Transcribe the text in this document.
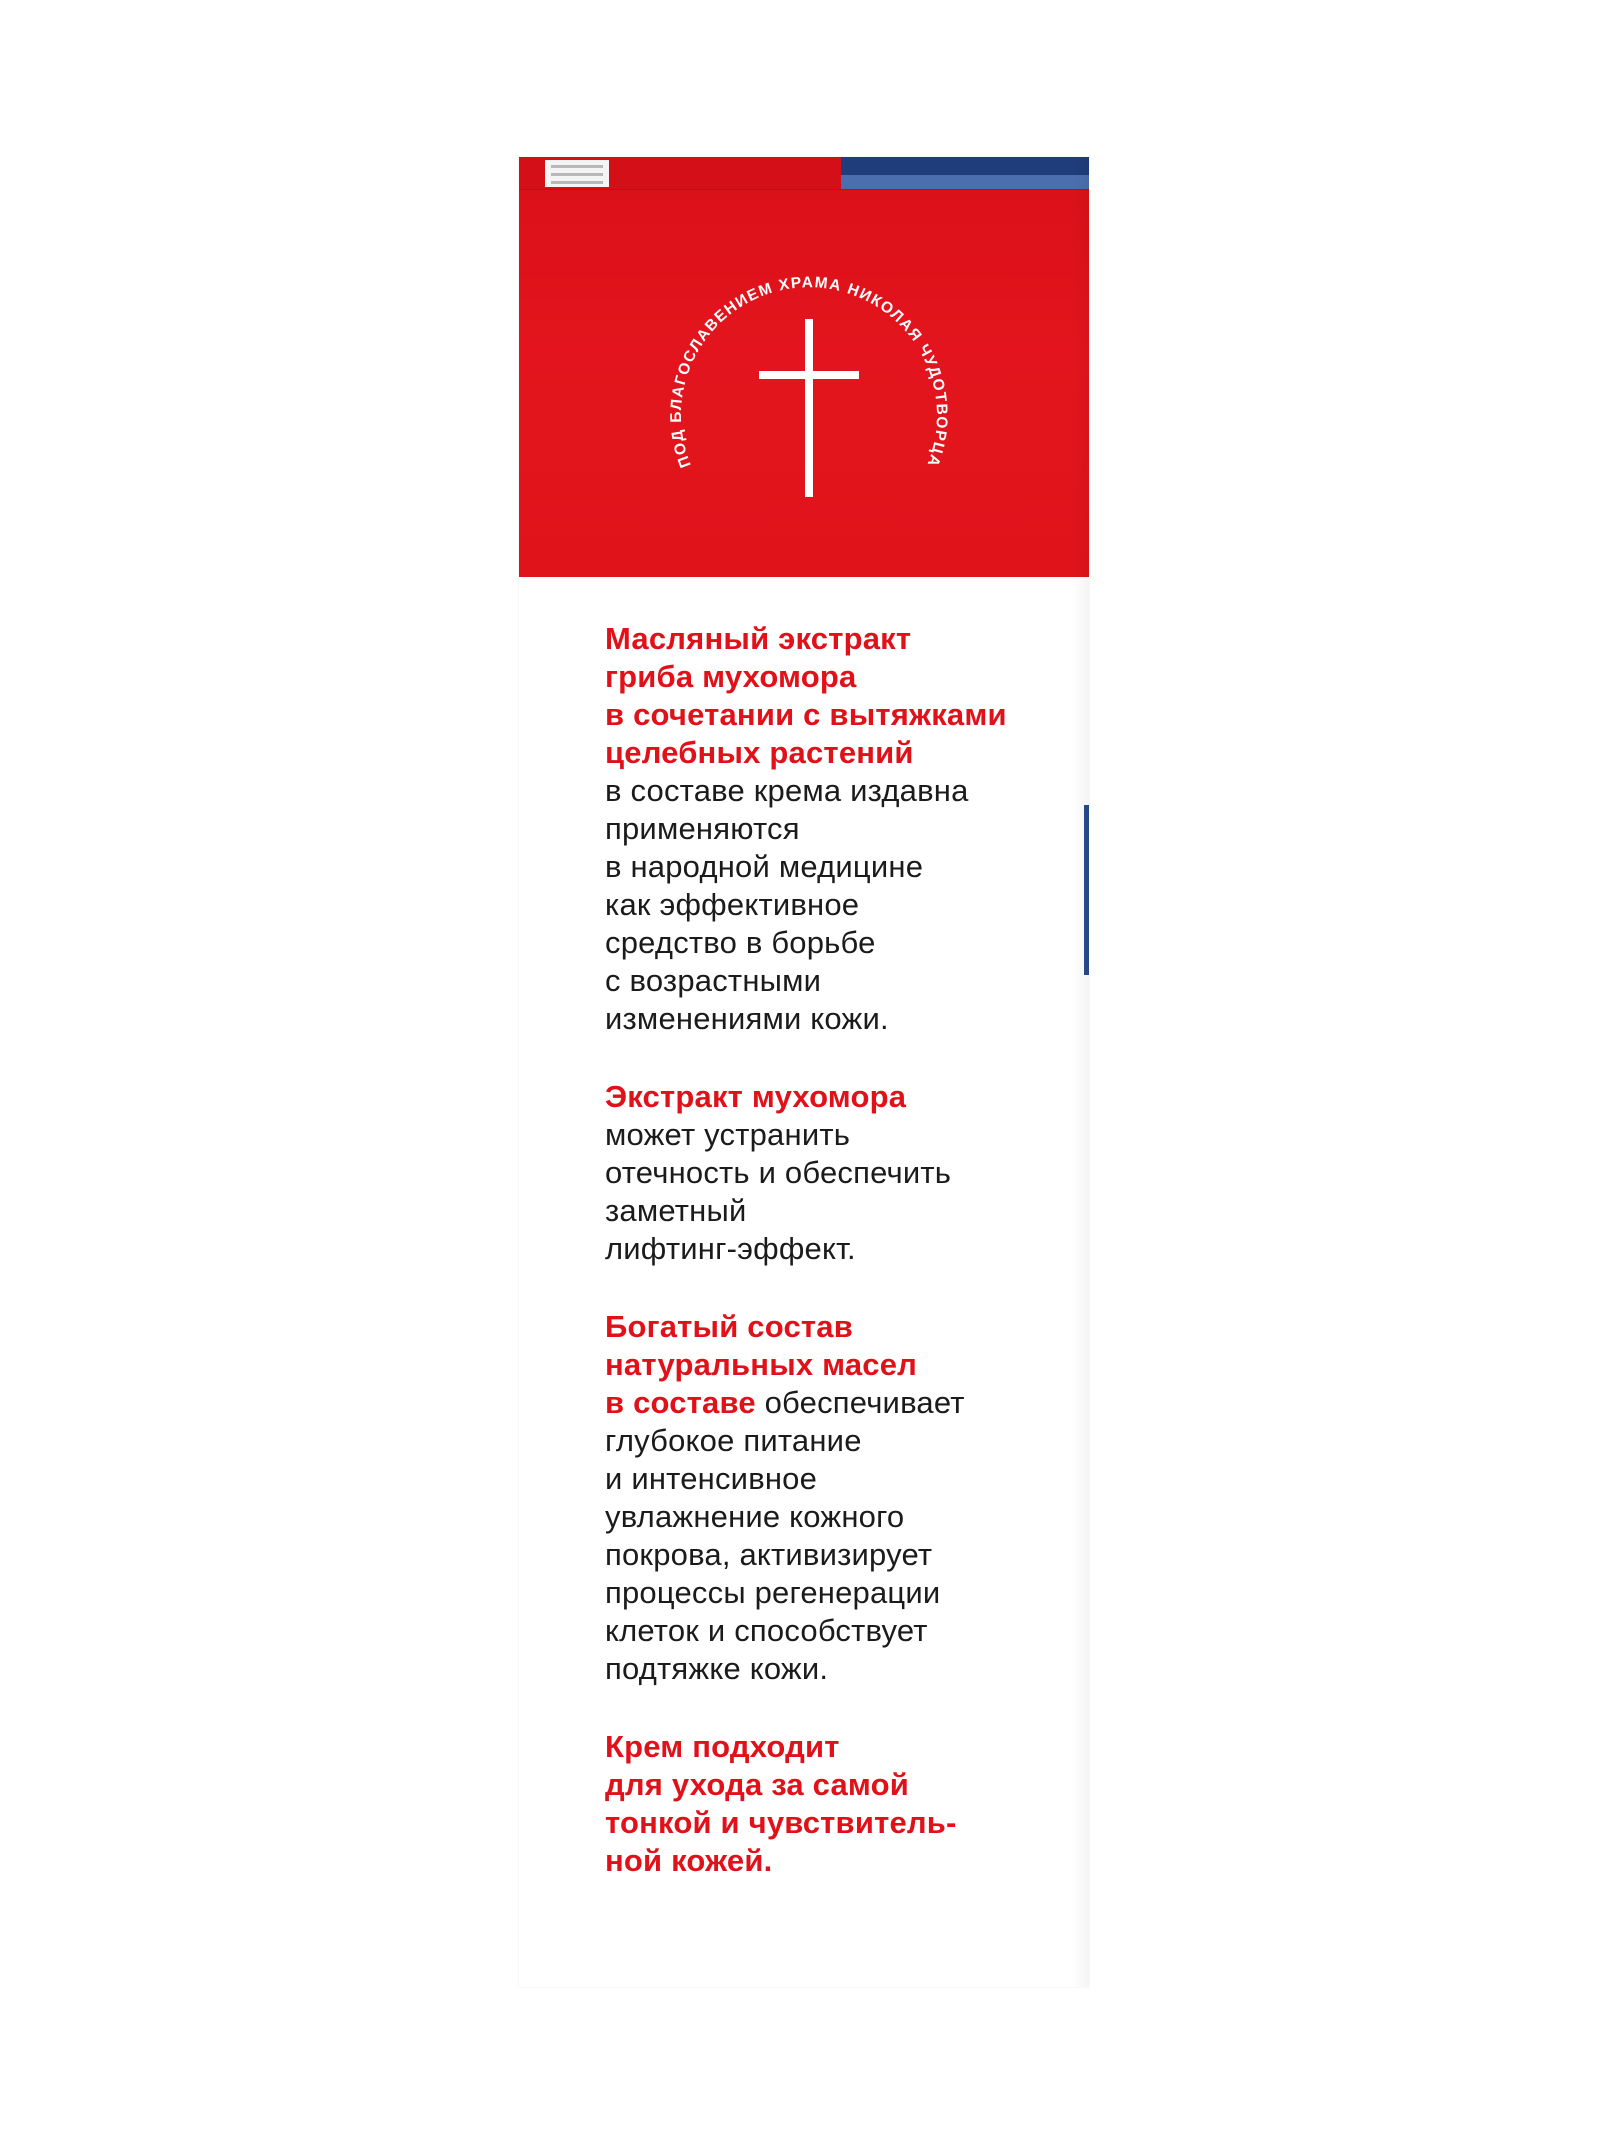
ПОД БЛАГОСЛАВЕНИЕМ ХРАМА НИКОЛАЯ ЧУДОТВОРЦА

Масляный экстракт
гриба мухомора
в сочетании с вытяжками
целебных растений
в составе крема издавна
применяются
в народной медицине
как эффективное
средство в борьбе
с возрастными
изменениями кожи.

Экстракт мухомора
может устранить
отечность и обеспечить
заметный
лифтинг-эффект.

Богатый состав
натуральных масел
в составе обеспечивает
глубокое питание
и интенсивное
увлажнение кожного
покрова, активизирует
процессы регенерации
клеток и способствует
подтяжке кожи.

Крем подходит
для ухода за самой
тонкой и чувствитель-
ной кожей.
